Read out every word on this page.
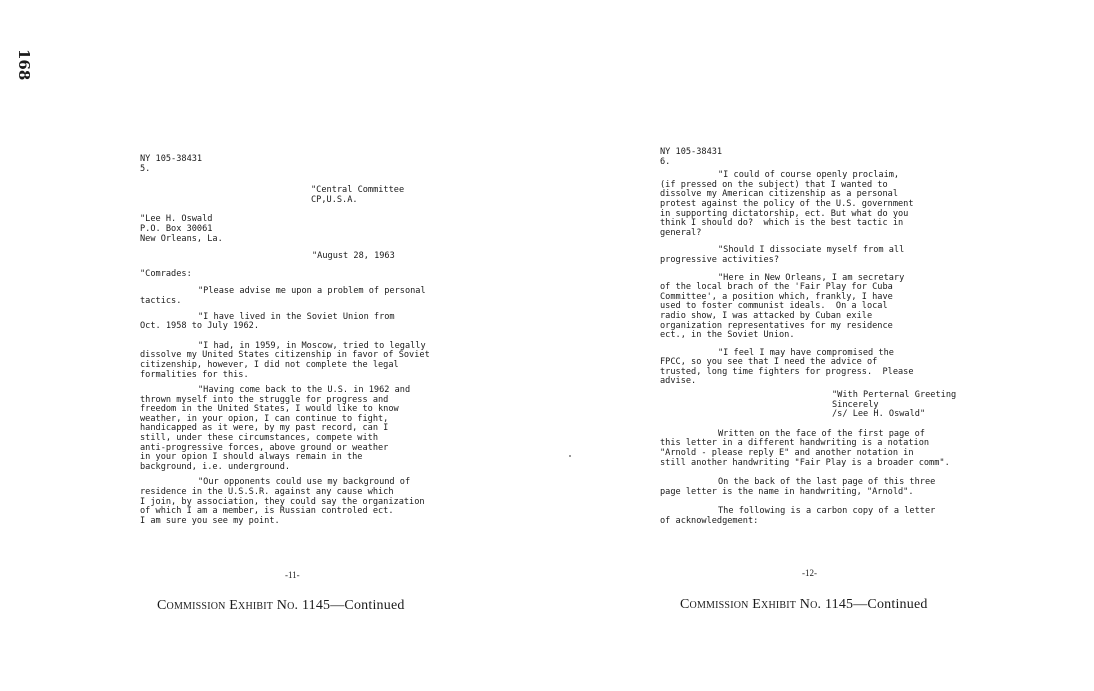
168
NY 105-38431
5.
"Central Committee
CP,U.S.A.
"Lee H. Oswald
P.O. Box 30061
New Orleans, La.
"August 28, 1963
"Comrades:
"Please advise me upon a problem of personal
tactics.
"I have lived in the Soviet Union from
Oct. 1958 to July 1962.
"I had, in 1959, in Moscow, tried to legally
dissolve my United States citizenship in favor of Soviet
citizenship, however, I did not complete the legal
formalities for this.
"Having come back to the U.S. in 1962 and
thrown myself into the struggle for progress and
freedom in the United States, I would like to know
weather, in your opion, I can continue to fight,
handicapped as it were, by my past record, can I
still, under these circumstances, compete with
anti-progressive forces, above ground or weather
in your opion I should always remain in the
background, i.e. underground.
"Our opponents could use my background of
residence in the U.S.S.R. against any cause which
I join, by association, they could say the organization
of which I am a member, is Russian controled ect.
I am sure you see my point.
-11-
Commission Exhibit No. 1145—Continued
NY 105-38431
6.
"I could of course openly proclaim,
(if pressed on the subject) that I wanted to
dissolve my American citizenship as a personal
protest against the policy of the U.S. government
in supporting dictatorship, ect. But what do you
think I should do?  which is the best tactic in
general?
"Should I dissociate myself from all
progressive activities?
"Here in New Orleans, I am secretary
of the local brach of the 'Fair Play for Cuba
Committee', a position which, frankly, I have
used to foster communist ideals.  On a local
radio show, I was attacked by Cuban exile
organization representatives for my residence
ect., in the Soviet Union.
"I feel I may have compromised the
FPCC, so you see that I need the advice of
trusted, long time fighters for progress.  Please
advise.
"With Perternal Greeting
Sincerely
/s/ Lee H. Oswald"
Written on the face of the first page of
this letter in a different handwriting is a notation
"Arnold - please reply E" and another notation in
still another handwriting "Fair Play is a broader comm".
On the back of the last page of this three
page letter is the name in handwriting, "Arnold".
The following is a carbon copy of a letter
of acknowledgement:
-12-
Commission Exhibit No. 1145—Continued
